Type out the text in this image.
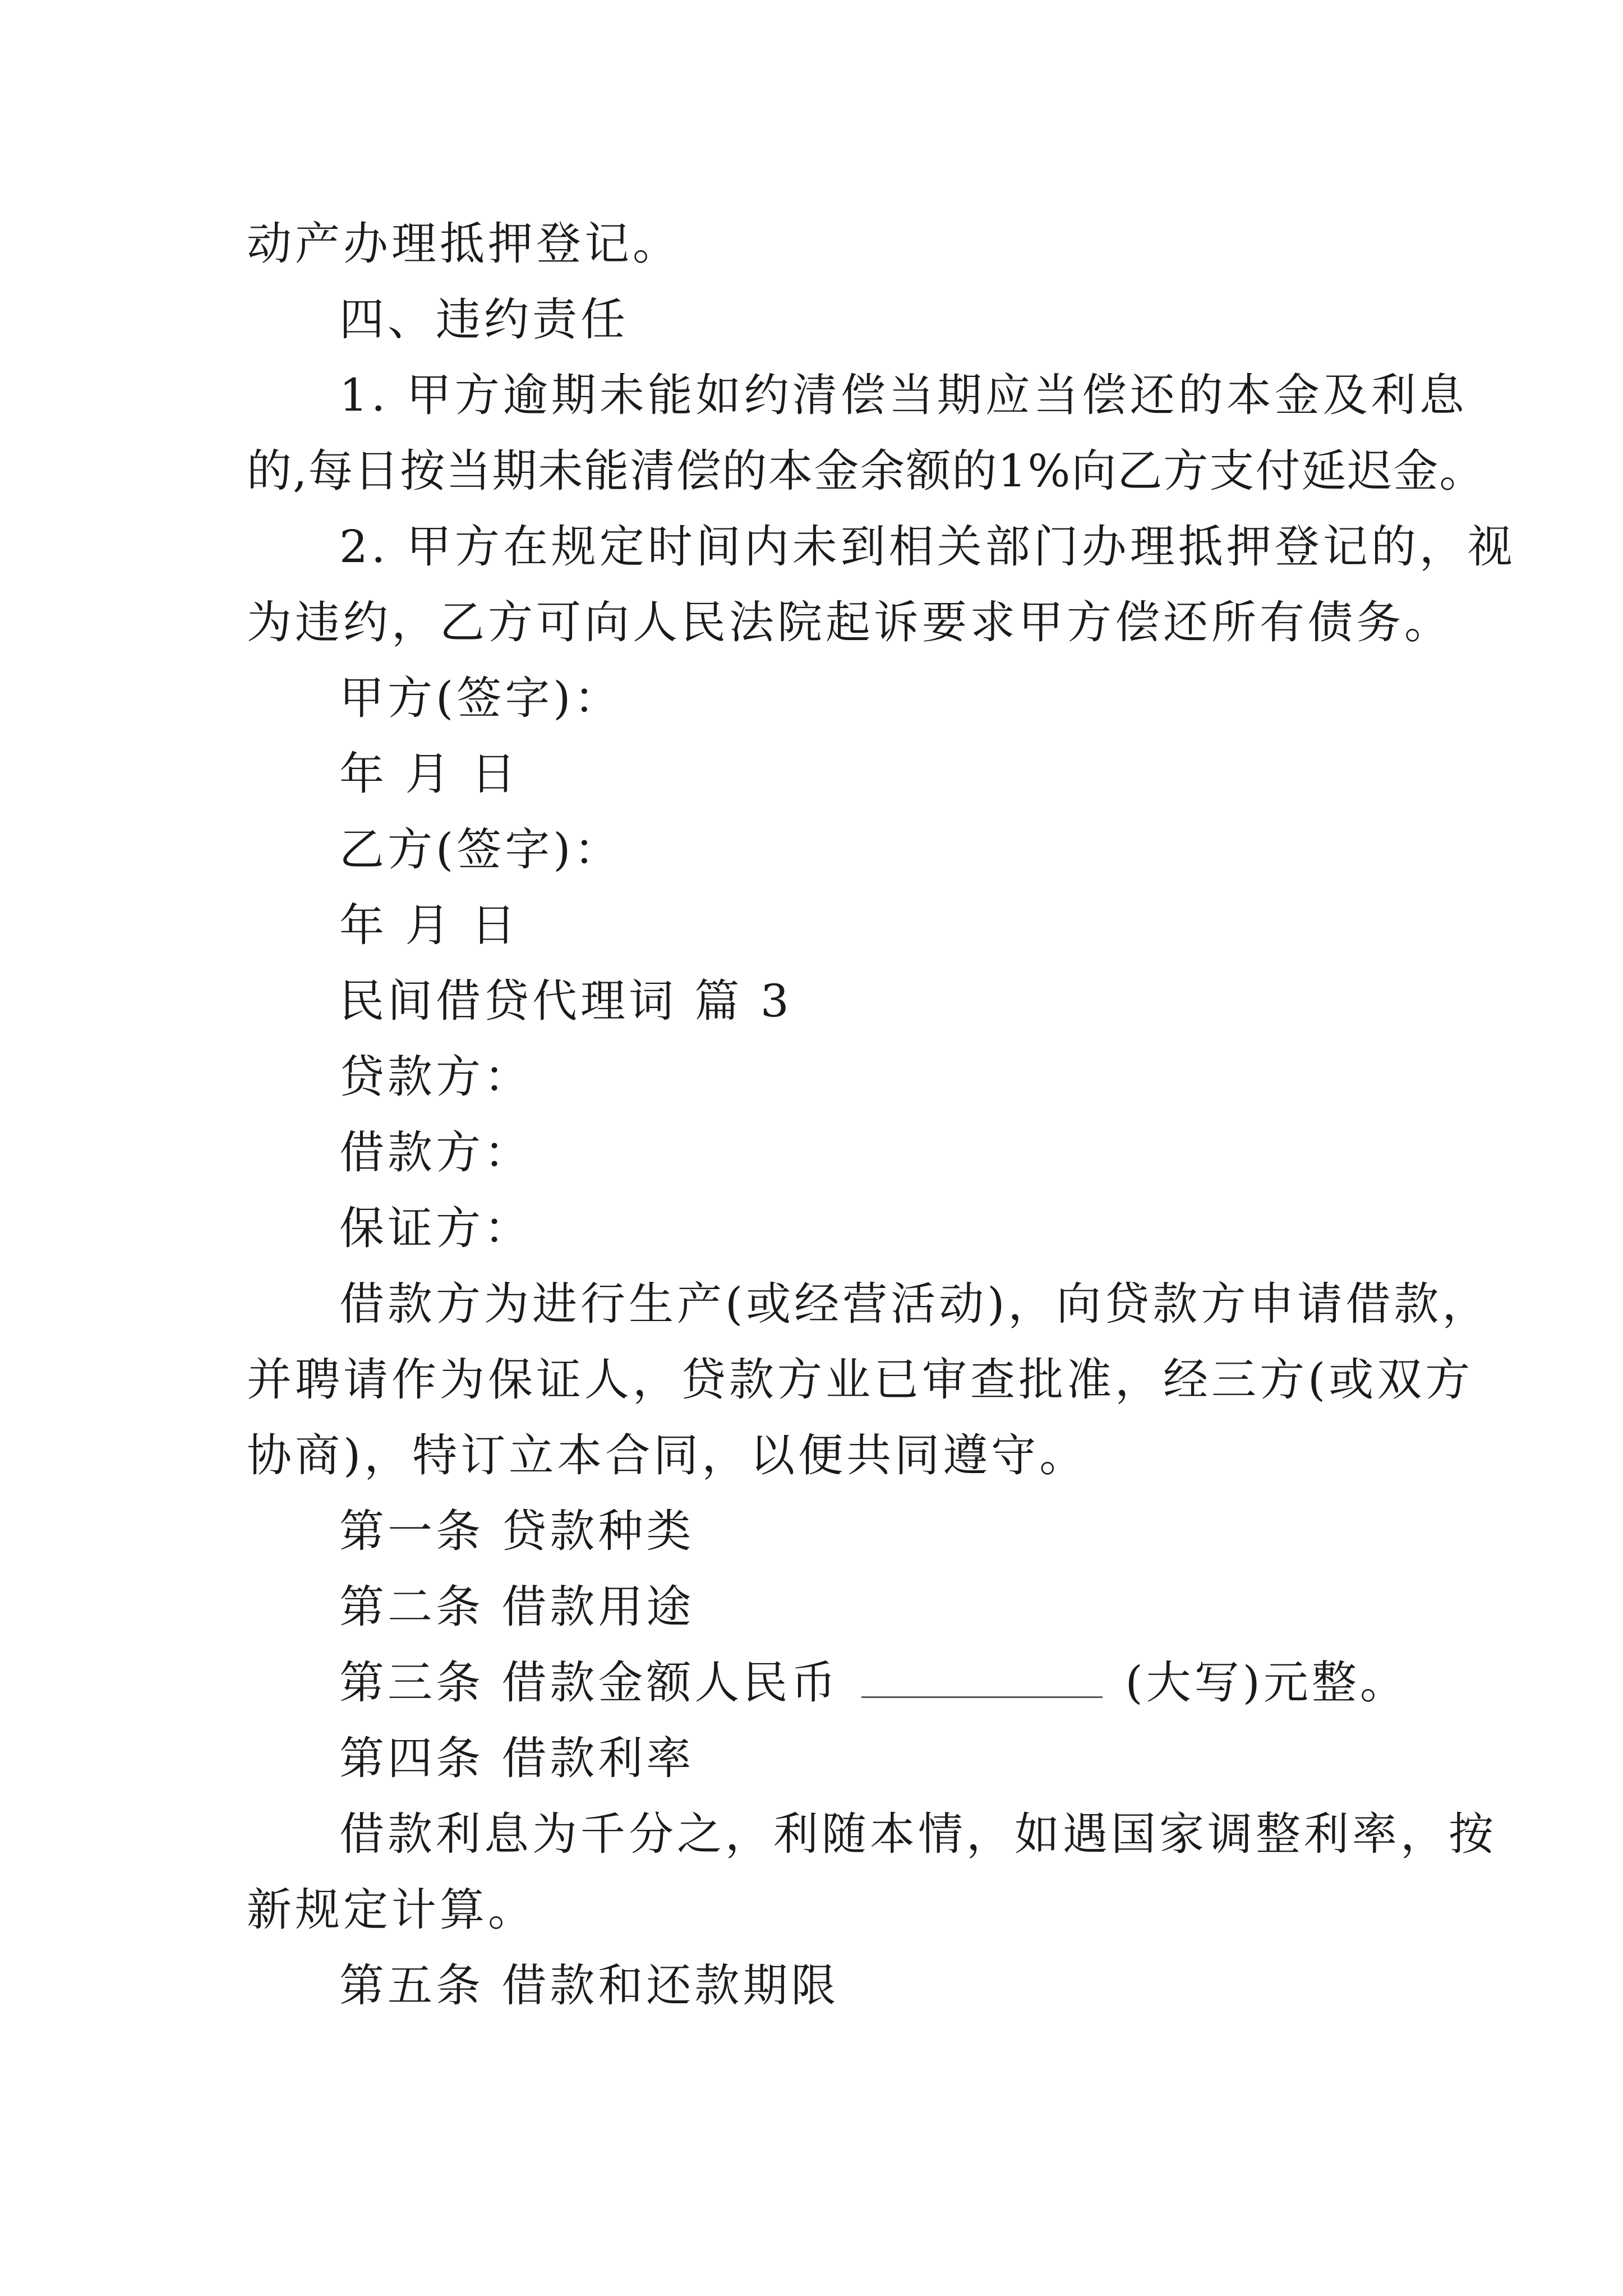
动产办理抵押登记。

四、违约责任

1. 甲方逾期未能如约清偿当期应当偿还的本金及利息

的,每日按当期未能清偿的本金余额的1%向乙方支付延迟金。

2. 甲方在规定时间内未到相关部门办理抵押登记的，视

为违约，乙方可向人民法院起诉要求甲方偿还所有债务。

甲方(签字)：

年 月 日

乙方(签字)：

年 月 日

民间借贷代理词 篇 3

贷款方：

借款方：

保证方：

借款方为进行生产(或经营活动)，向贷款方申请借款，

并聘请作为保证人，贷款方业已审查批准，经三方(或双方

协商)，特订立本合同，以便共同遵守。

第一条 贷款种类

第二条 借款用途

第三条 借款金额人民币	(大写)元整。

第四条 借款利率

借款利息为千分之，利随本情，如遇国家调整利率，按

新规定计算。

第五条 借款和还款期限
